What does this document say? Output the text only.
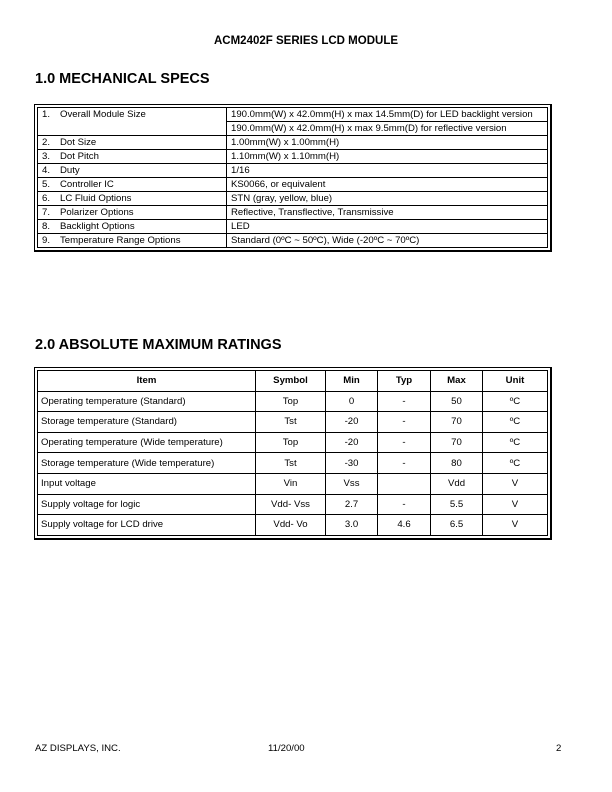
ACM2402F SERIES LCD MODULE
1.0 MECHANICAL SPECS
1. Overall Module Size	190.0mm(W) x 42.0mm(H) x max 14.5mm(D) for LED backlight version
190.0mm(W) x 42.0mm(H) x max 9.5mm(D) for reflective version

2. Dot Size	1.00mm(W) x 1.00mm(H)

3. Dot Pitch	1.10mm(W) x 1.10mm(H)

4. Duty	1/16

5. Controller IC	KS0066, or equivalent

6. LC Fluid Options	STN (gray, yellow, blue)

7. Polarizer Options	Reflective, Transflective, Transmissive

8. Backlight Options	LED

9. Temperature Range Options	Standard (0ºC ~ 50ºC), Wide (-20ºC ~ 70ºC)
2.0 ABSOLUTE MAXIMUM RATINGS
Item	Symbol	Min	Typ	Max	Unit
Operating temperature (Standard)	Top	0	-	50	ºC
Storage temperature (Standard)	Tst	-20	-	70	ºC
Operating temperature (Wide temperature)	Top	-20	-	70	ºC
Storage temperature (Wide temperature)	Tst	-30	-	80	ºC
Input voltage	Vin	Vss		Vdd	V
Supply voltage for logic	Vdd- Vss	2.7	-	5.5	V
Supply voltage for LCD drive	Vdd- Vo	3.0	4.6	6.5	V
AZ DISPLAYS, INC.	11/20/00	2
